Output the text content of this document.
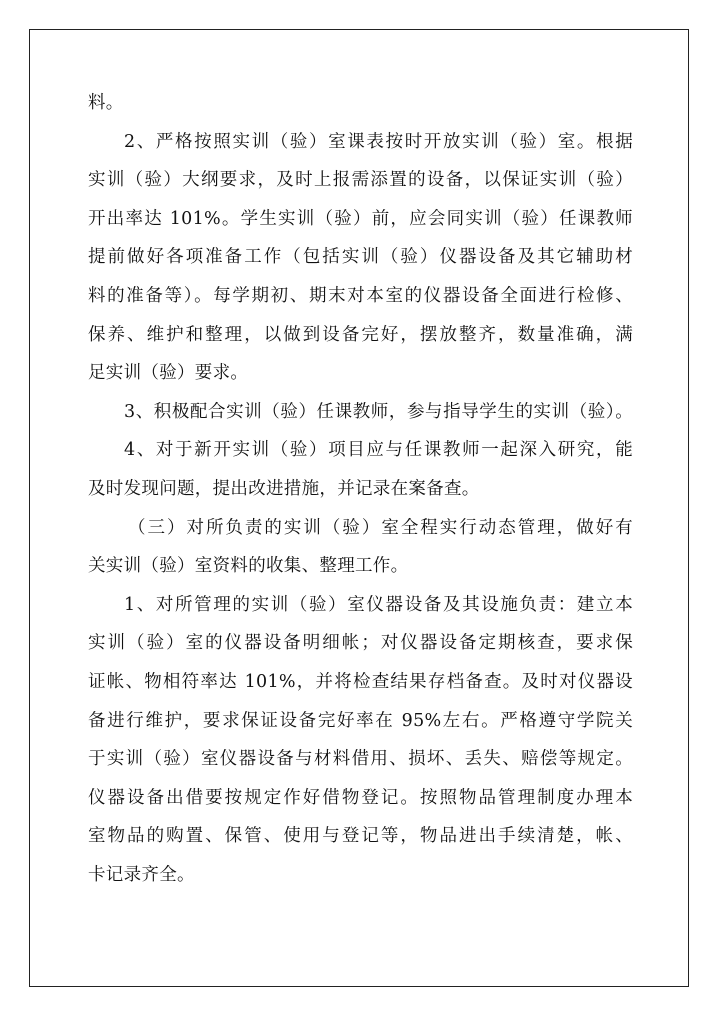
料。
2、严格按照实训（验）室课表按时开放实训（验）室。根据
实训（验）大纲要求，及时上报需添置的设备，以保证实训（验）
开出率达 101%。学生实训（验）前，应会同实训（验）任课教师
提前做好各项准备工作（包括实训（验）仪器设备及其它辅助材
料的准备等）。每学期初、期末对本室的仪器设备全面进行检修、
保养、维护和整理，以做到设备完好，摆放整齐，数量准确，满
足实训（验）要求。
3、积极配合实训（验）任课教师，参与指导学生的实训（验）。
4、对于新开实训（验）项目应与任课教师一起深入研究，能
及时发现问题，提出改进措施，并记录在案备查。
（三）对所负责的实训（验）室全程实行动态管理，做好有
关实训（验）室资料的收集、整理工作。
1、对所管理的实训（验）室仪器设备及其设施负责：建立本
实训（验）室的仪器设备明细帐；对仪器设备定期核查，要求保
证帐、物相符率达 101%，并将检查结果存档备查。及时对仪器设
备进行维护，要求保证设备完好率在 95%左右。严格遵守学院关
于实训（验）室仪器设备与材料借用、损坏、丢失、赔偿等规定。
仪器设备出借要按规定作好借物登记。按照物品管理制度办理本
室物品的购置、保管、使用与登记等，物品进出手续清楚，帐、
卡记录齐全。
